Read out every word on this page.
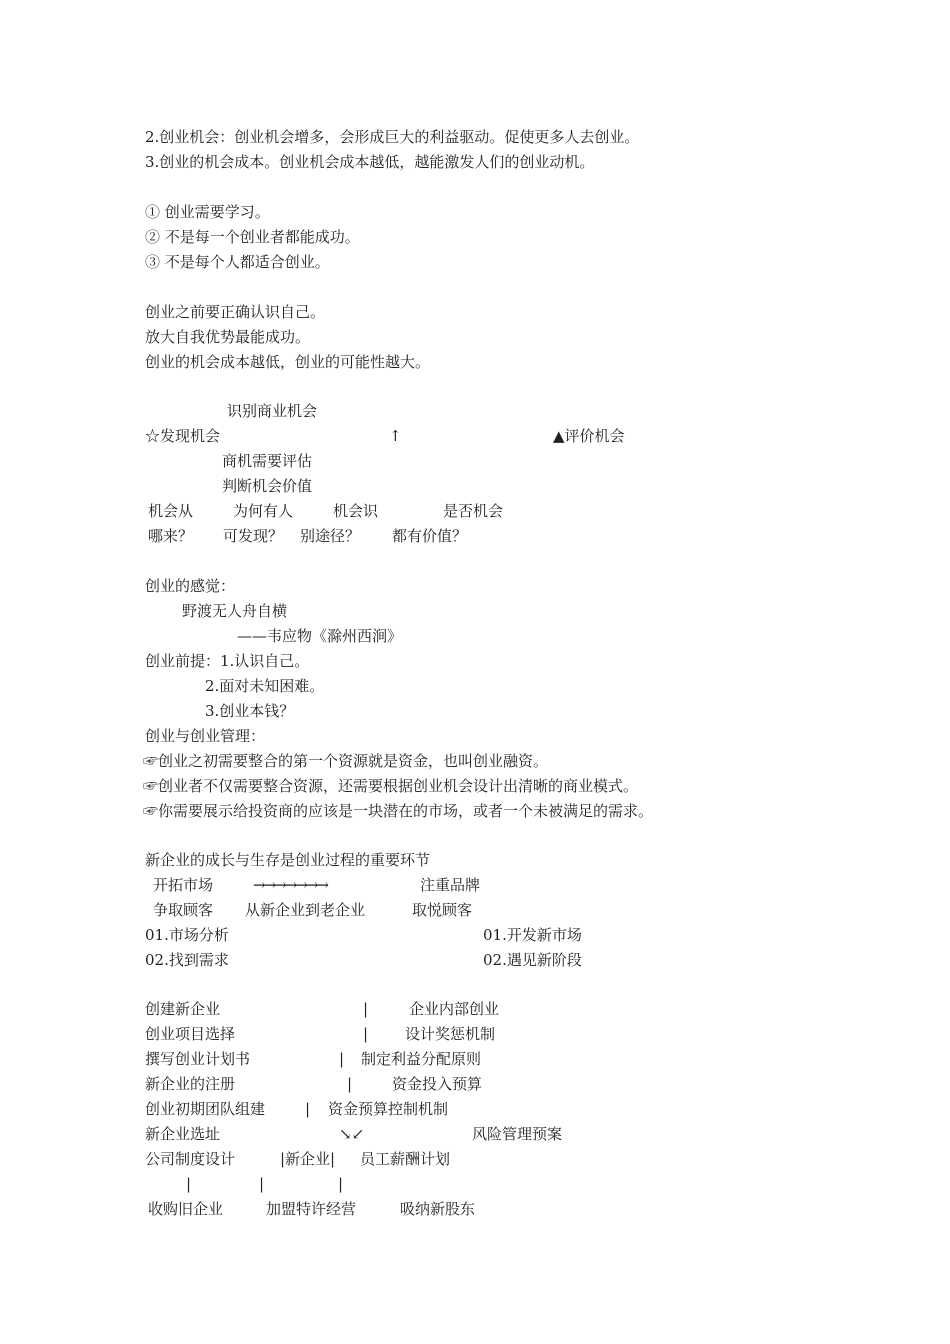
2.创业机会：创业机会增多，会形成巨大的利益驱动。促使更多人去创业。
3.创业的机会成本。创业机会成本越低，越能激发人们的创业动机。
① 创业需要学习。
② 不是每一个创业者都能成功。
③ 不是每个人都适合创业。
创业之前要正确认识自己。
放大自我优势最能成功。
创业的机会成本越低，创业的可能性越大。
识别商业机会
☆发现机会	↑	▲评价机会
商机需要评估
判断机会价值
机会从	为何有人	机会识	是否机会
哪来？ 可发现？ 别途径？ 都有价值？
创业的感觉：
野渡无人舟自横
——韦应物《滁州西涧》
创业前提：1.认识自己。
2.面对未知困难。
3.创业本钱？
创业与创业管理：
☞创业之初需要整合的第一个资源就是资金，也叫创业融资。
☞创业者不仅需要整合资源，还需要根据创业机会设计出清晰的商业模式。
☞你需要展示给投资商的应该是一块潜在的市场，或者一个未被满足的需求。
新企业的成长与生存是创业过程的重要环节
开拓市场	→→→→→→→	注重品牌
争取顾客 从新企业到老企业	取悦顾客
01.市场分析	01.开发新市场
02.找到需求	02.遇见新阶段
创建新企业	|	企业内部创业
创业项目选择	| 设计奖惩机制
撰写创业计划书	| 制定利益分配原则
新企业的注册	|	资金投入预算
创业初期团队组建	| 资金预算控制机制
新企业选址	↘↙	风险管理预案
公司制度设计	|新企业| 员工薪酬计划
|	|	|
收购旧企业	加盟特许经营	吸纳新股东
